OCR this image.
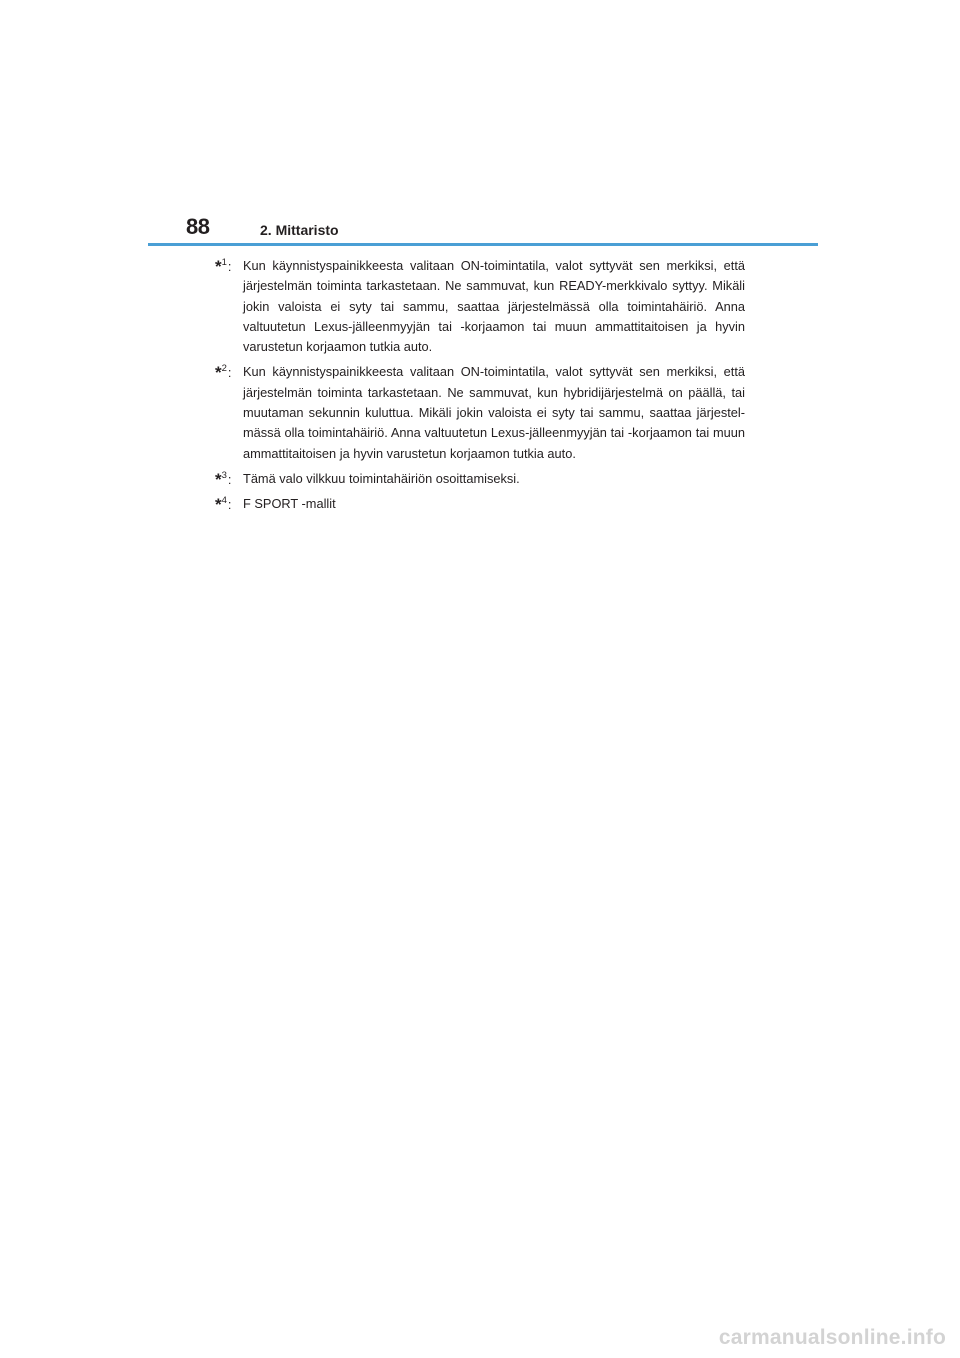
88	2. Mittaristo
*$^1$: Kun käynnistyspainikkeesta valitaan ON-toimintatila, valot syttyvät sen merkiksi, että järjestelmän toiminta tarkastetaan. Ne sammuvat, kun READY-merkkivalo syttyy. Mikäli jokin valoista ei syty tai sammu, saattaa järjestelmässä olla toimintahäiriö. Anna valtuutetun Lexus-jälleenmyyjän tai -korjaamon tai muun ammattitaitoisen ja hyvin varustetun korjaamon tutkia auto.
*$^2$: Kun käynnistyspainikkeesta valitaan ON-toimintatila, valot syttyvät sen merkiksi, että järjestelmän toiminta tarkastetaan. Ne sammuvat, kun hybridijärjestelmä on päällä, tai muutaman sekunnin kuluttua. Mikäli jokin valoista ei syty tai sammu, saattaa järjestel-mässä olla toimintahäiriö. Anna valtuutetun Lexus-jälleenmyyjän tai -korjaamon tai muun ammattitaitoisen ja hyvin varustetun korjaamon tutkia auto.
*$^3$: Tämä valo vilkkuu toimintahäiriön osoittamiseksi.
*$^4$: F SPORT -mallit
carmanualsonline.info
